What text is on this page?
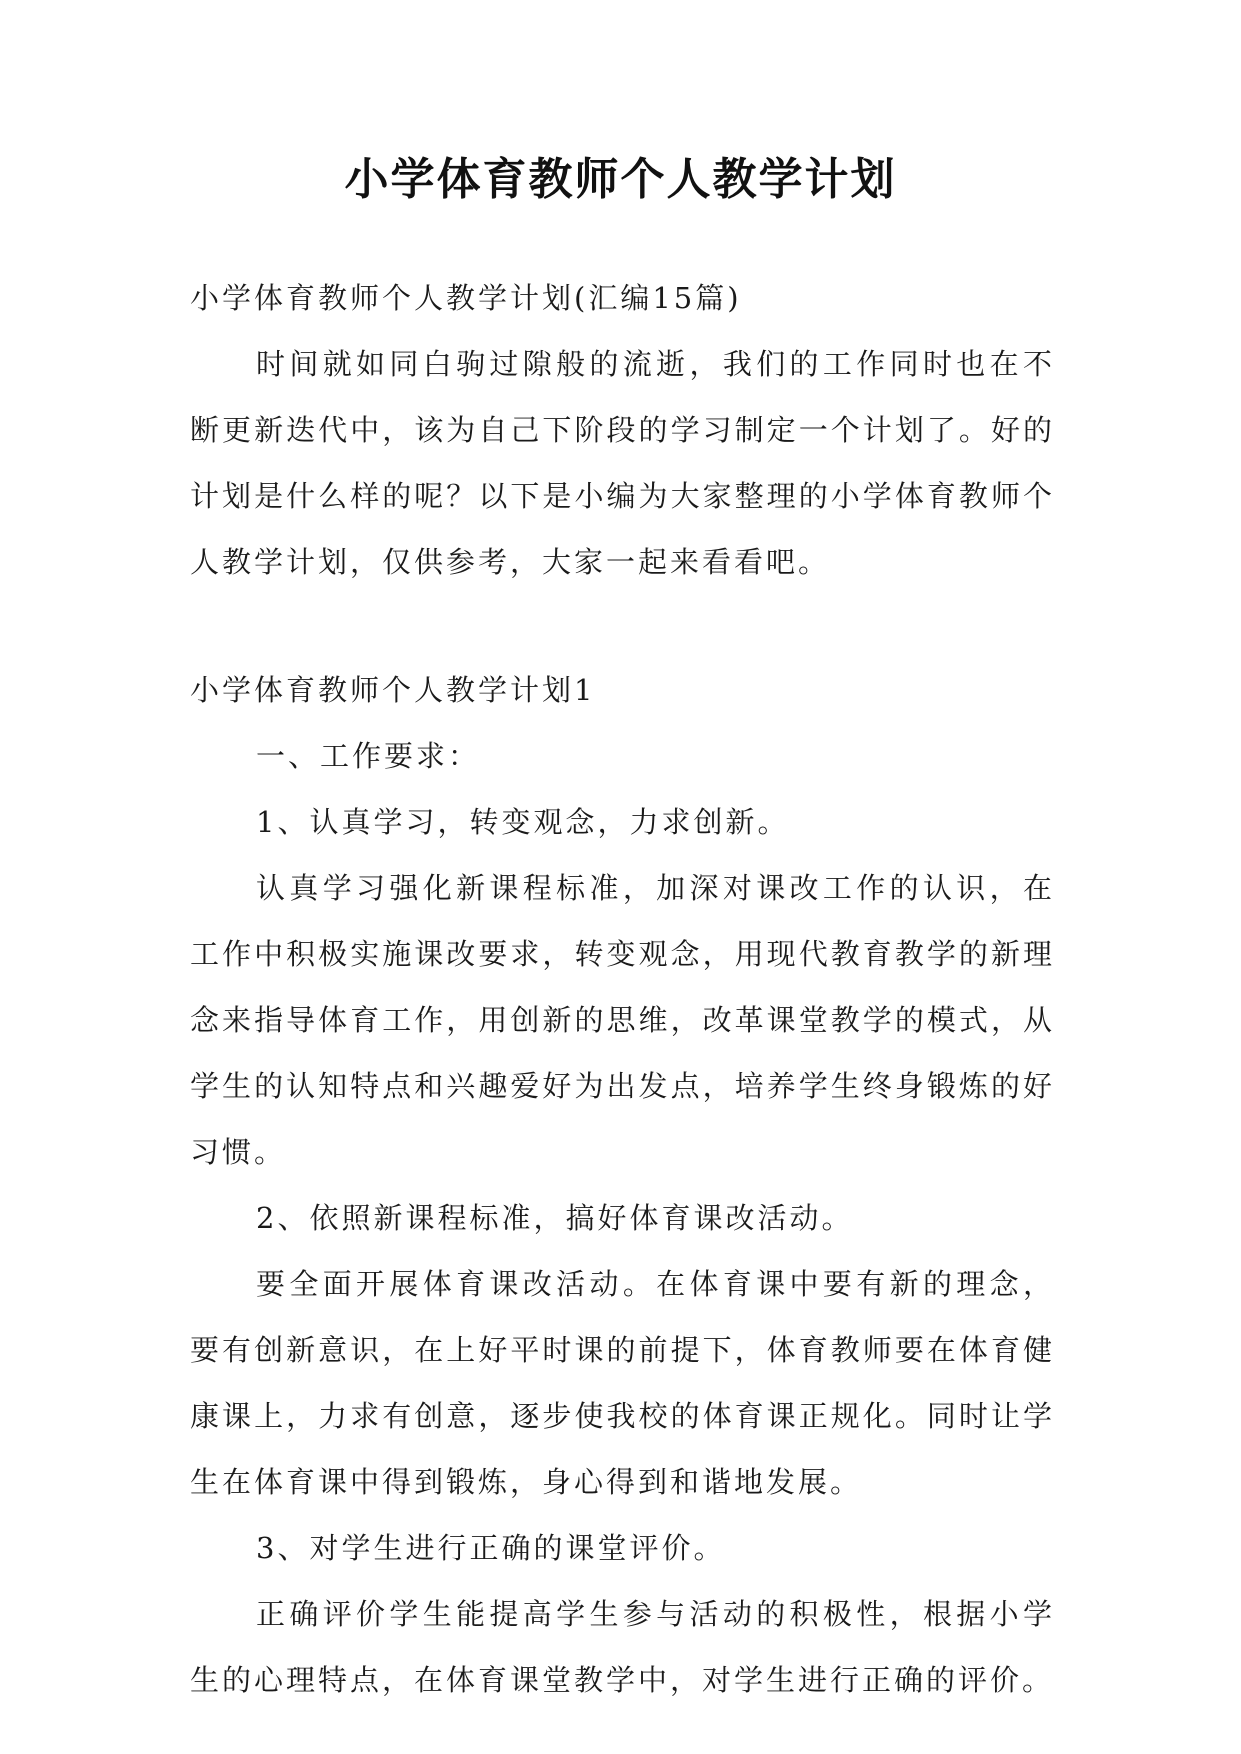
小学体育教师个人教学计划

小学体育教师个人教学计划(汇编15篇)

时间就如同白驹过隙般的流逝，我们的工作同时也在不断更新迭代中，该为自己下阶段的学习制定一个计划了。好的计划是什么样的呢？以下是小编为大家整理的小学体育教师个人教学计划，仅供参考，大家一起来看看吧。

小学体育教师个人教学计划1

一、工作要求：

1、认真学习，转变观念，力求创新。

认真学习强化新课程标准，加深对课改工作的认识，在工作中积极实施课改要求，转变观念，用现代教育教学的新理念来指导体育工作，用创新的思维，改革课堂教学的模式，从学生的认知特点和兴趣爱好为出发点，培养学生终身锻炼的好习惯。

2、依照新课程标准，搞好体育课改活动。

要全面开展体育课改活动。在体育课中要有新的理念，要有创新意识，在上好平时课的前提下，体育教师要在体育健康课上，力求有创意，逐步使我校的体育课正规化。同时让学生在体育课中得到锻炼，身心得到和谐地发展。

3、对学生进行正确的课堂评价。

正确评价学生能提高学生参与活动的积极性，根据小学生的心理特点，在体育课堂教学中，对学生进行正确的评价。
